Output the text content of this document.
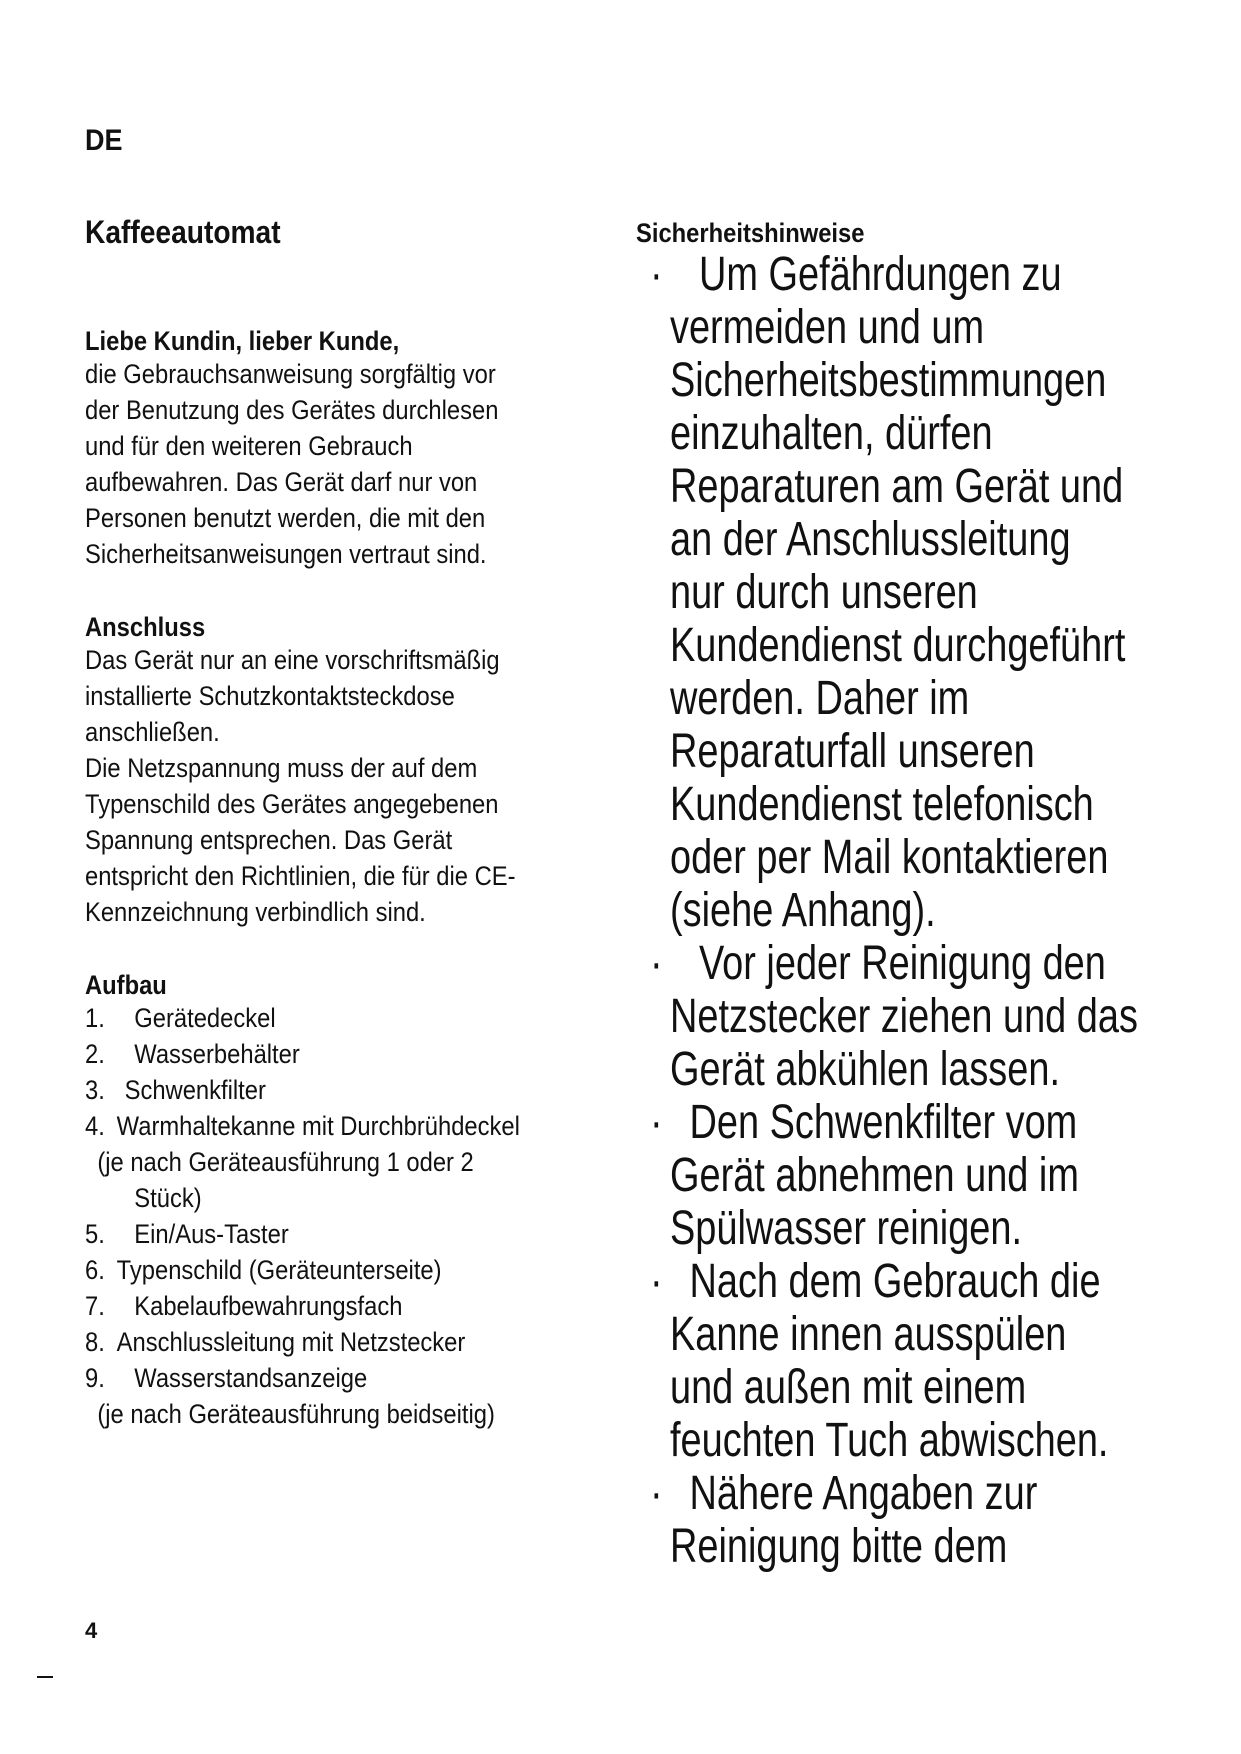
DE
Kaffeeautomat
Liebe Kundin, lieber Kunde,
die Gebrauchsanweisung sorgfältig vor
der Benutzung des Gerätes durchlesen
und für den weiteren Gebrauch
aufbewahren. Das Gerät darf nur von
Personen benutzt werden, die mit den
Sicherheitsanweisungen vertraut sind.
Anschluss
Das Gerät nur an eine vorschriftsmäßig
installierte Schutzkontaktsteckdose
anschließen.
Die Netzspannung muss der auf dem
Typenschild des Gerätes angegebenen
Spannung entsprechen. Das Gerät
entspricht den Richtlinien, die für die CE-
Kennzeichnung verbindlich sind.
Aufbau
1. Gerätedeckel
2. Wasserbehälter
3. Schwenkfilter
4. Warmhaltekanne mit Durchbrühdeckel
(je nach Geräteausführung 1 oder 2
Stück)
5. Ein/Aus-Taster
6. Typenschild (Geräteunterseite)
7. Kabelaufbewahrungsfach
8. Anschlussleitung mit Netzstecker
9. Wasserstandsanzeige
(je nach Geräteausführung beidseitig)
Sicherheitshinweise
· Um Gefährdungen zu
vermeiden und um
Sicherheitsbestimmungen
einzuhalten, dürfen
Reparaturen am Gerät und
an der Anschlussleitung
nur durch unseren
Kundendienst durchgeführt
werden. Daher im
Reparaturfall unseren
Kundendienst telefonisch
oder per Mail kontaktieren
(siehe Anhang).
· Vor jeder Reinigung den
Netzstecker ziehen und das
Gerät abkühlen lassen.
· Den Schwenkfilter vom
Gerät abnehmen und im
Spülwasser reinigen.
· Nach dem Gebrauch die
Kanne innen ausspülen
und außen mit einem
feuchten Tuch abwischen.
· Nähere Angaben zur
Reinigung bitte dem
4
